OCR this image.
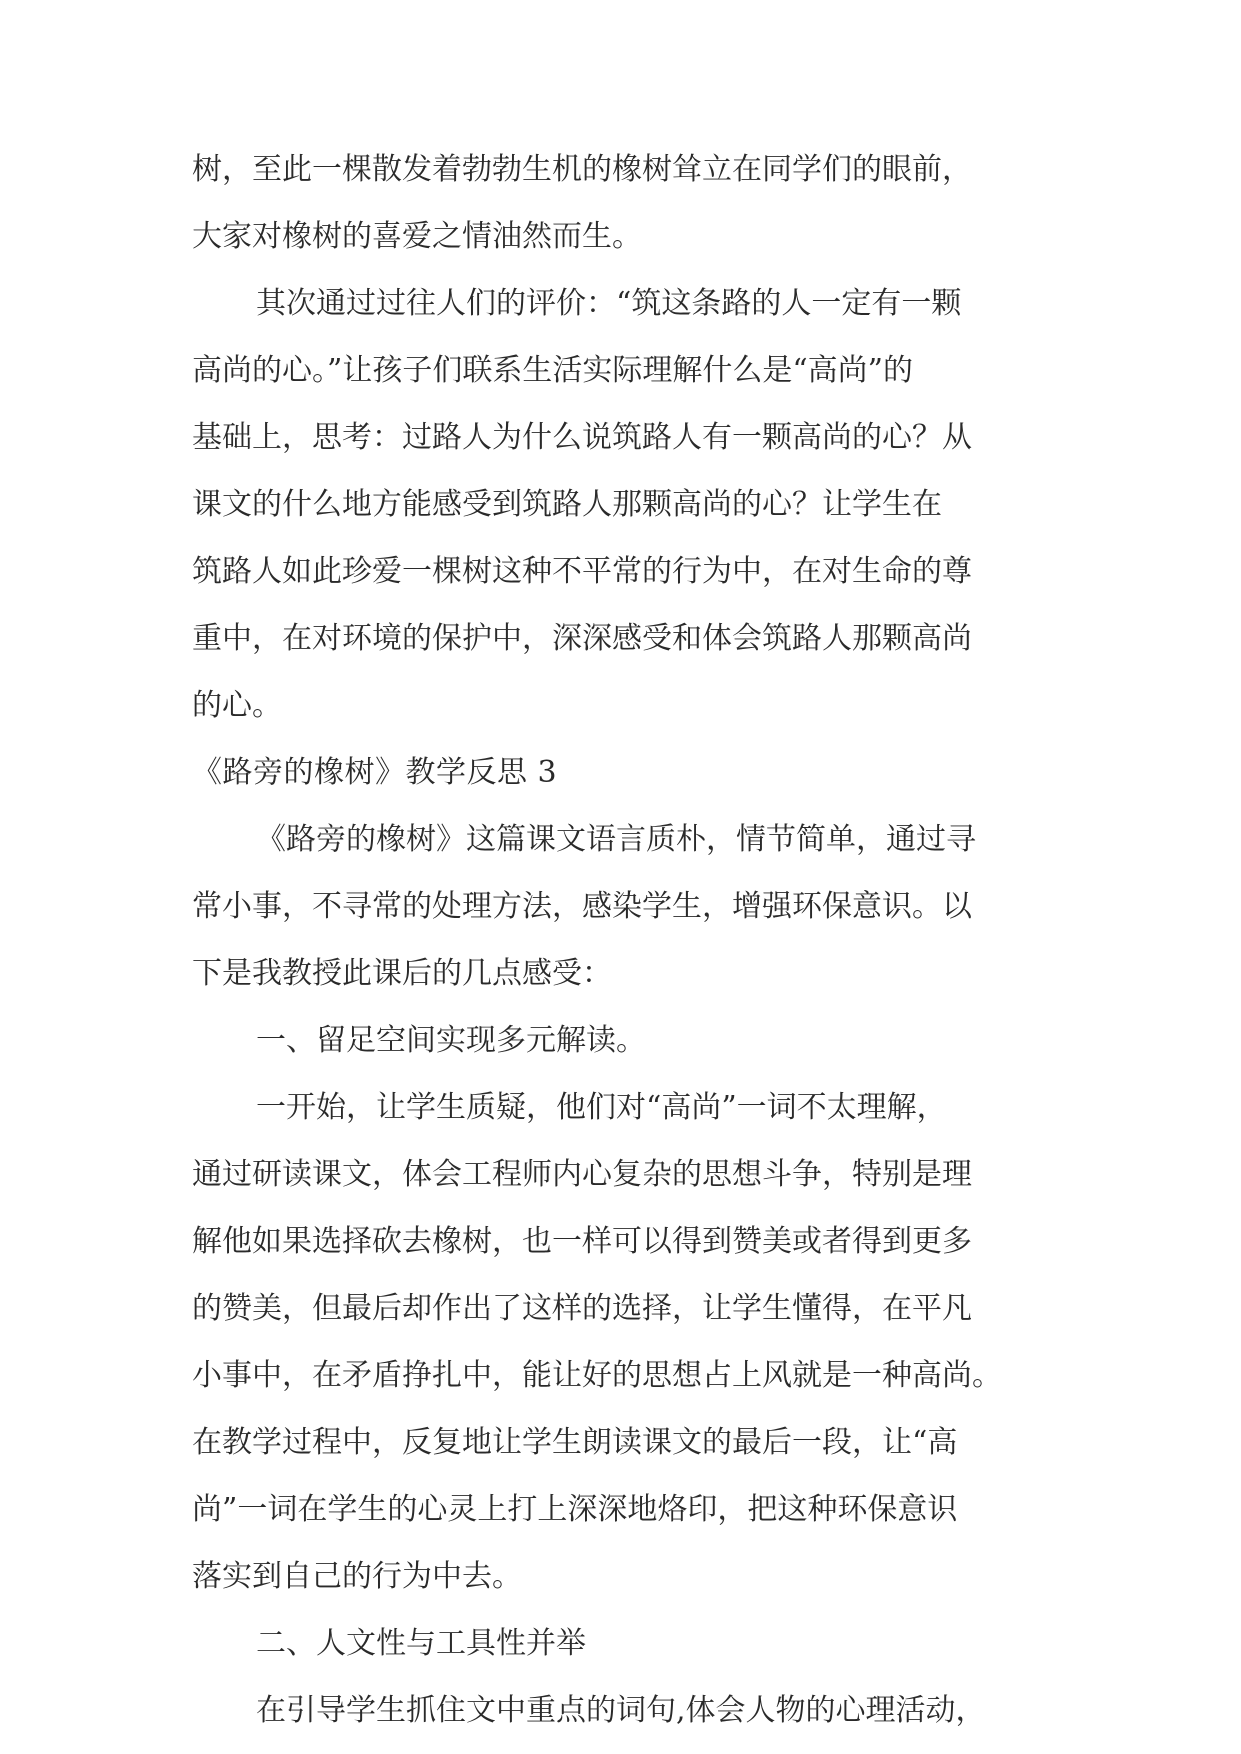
树，至此一棵散发着勃勃生机的橡树耸立在同学们的眼前，
大家对橡树的喜爱之情油然而生。
其次通过过往人们的评价：“筑这条路的人一定有一颗
高尚的心。”让孩子们联系生活实际理解什么是“高尚”的
基础上，思考：过路人为什么说筑路人有一颗高尚的心？从
课文的什么地方能感受到筑路人那颗高尚的心？让学生在
筑路人如此珍爱一棵树这种不平常的行为中，在对生命的尊
重中，在对环境的保护中，深深感受和体会筑路人那颗高尚
的心。
《路旁的橡树》教学反思 3
《路旁的橡树》这篇课文语言质朴，情节简单，通过寻
常小事，不寻常的处理方法，感染学生，增强环保意识。以
下是我教授此课后的几点感受：
一、留足空间实现多元解读。
一开始，让学生质疑，他们对“高尚”一词不太理解，
通过研读课文，体会工程师内心复杂的思想斗争，特别是理
解他如果选择砍去橡树，也一样可以得到赞美或者得到更多
的赞美，但最后却作出了这样的选择，让学生懂得，在平凡
小事中，在矛盾挣扎中，能让好的思想占上风就是一种高尚。
在教学过程中，反复地让学生朗读课文的最后一段，让“高
尚”一词在学生的心灵上打上深深地烙印，把这种环保意识
落实到自己的行为中去。
二、人文性与工具性并举
在引导学生抓住文中重点的词句,体会人物的心理活动，
